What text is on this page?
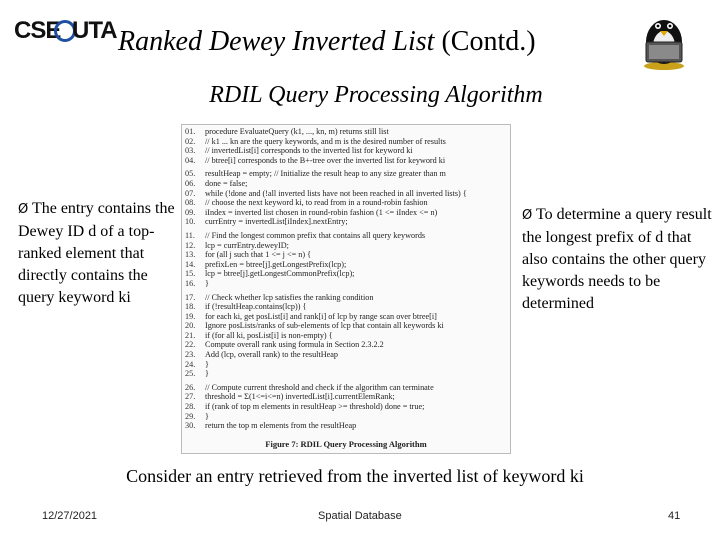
CSE UTA Ranked Dewey Inverted List (Contd.)
RDIL Query Processing Algorithm
Ø The entry contains the Dewey ID d of a top-ranked element that directly contains the query keyword ki
01.	procedure EvaluateQuery (k1, ..., kn, m) returns still list
02.	// k1 ... kn are the query keywords, and m is the desired number of results
03.	// invertedList[i] corresponds to the inverted list for keyword ki
04.	// btree[i] corresponds to the B+-tree over the inverted list for keyword ki
05.	resultHeap = empty; // Initialize the result heap to any size greater than m
06.	done = false;
07.	while (!done and (!all inverted lists have not been reached in all inverted lists) {
08.	// choose the next keyword ki, to read from in a round-robin fashion
09.	iIndex = inverted list chosen in round-robin fashion (1 <= iIndex <= n)
10.	currEntry = invertedList[iIndex].nextEntry;
11.	// Find the longest common prefix that contains all query keywords
12.	lcp = currEntry.deweyID;
13.	for (all j such that 1 <= j <= n) {
14.	prefixLen = btree[j].getLongestPrefix(lcp);
15.	lcp = btree[j].getLongestCommonPrefix(lcp);
16.	}
17.	// Check whether lcp satisfies the ranking condition
18.	if (!resultHeap.contains(lcp)) {
19.	for each ki, get posList[i] and rank[i] of lcp by range scan over btree[i]
20.	Ignore posLists/ranks of sub-elements of lcp that contain all keywords ki
21.	if (for all ki, posList[i] is non-empty) {
22.	Compute overall rank using formula in Section 2.3.2.2
23.	Add (lcp, overall rank) to the resultHeap
24.	}
25.	}
26.	// Compute current threshold and check if the algorithm can terminate
27.	threshold = Σ(1<=i<=n) invertedList[i].currentElemRank;
28.	if (rank of top m elements in resultHeap >= threshold) done = true;
29.	}
30.	return the top m elements from the resultHeap
Figure 7: RDIL Query Processing Algorithm
Ø To determine a query result the longest prefix of d that also contains the other query keywords needs to be determined
Consider an entry retrieved from the inverted list of keyword ki
12/27/2021	Spatial Database	41
